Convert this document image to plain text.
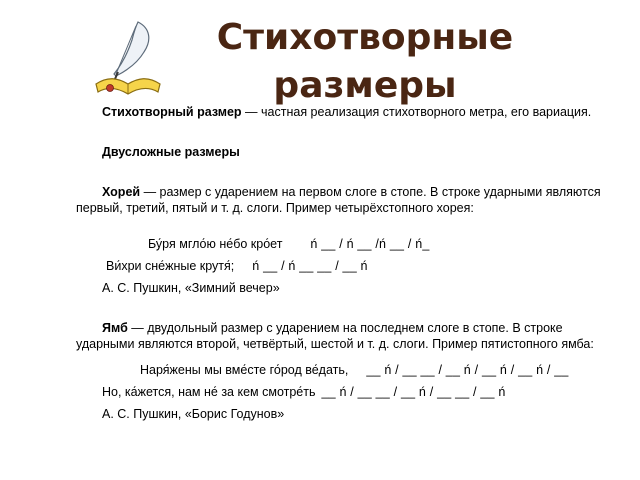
Стихотворные
размеры

Стихотворный размер — частная реализация стихотворного метра, его вариация.

Двусложные размеры

Хорей — размер с ударением на первом слоге в стопе. В строке ударными являются первый, третий, пятый и т. д. слоги. Пример четырёхстопного хорея:

Бу́ря мгло́ю не́бо кро́ет ń __ / ń __ /ń __ / ń_
Ви́хри сне́жные крутя́; ń __ / ń __ __ / __ ń
А. С. Пушкин, «Зимний вечер»

Ямб — двудольный размер с ударением на последнем слоге в стопе. В строке ударными являются второй, четвёртый, шестой и т. д. слоги. Пример пятистопного ямба:

Наря́жены мы вме́сте го́род ве́дать, __ ń / __ __ / __ ń / __ ń / __ ń / __
Но, ка́жется, нам не́ за кем смотре́ть __ ń / __ __ / __ ń / __ __ / __ ń
А. С. Пушкин, «Борис Годунов»
